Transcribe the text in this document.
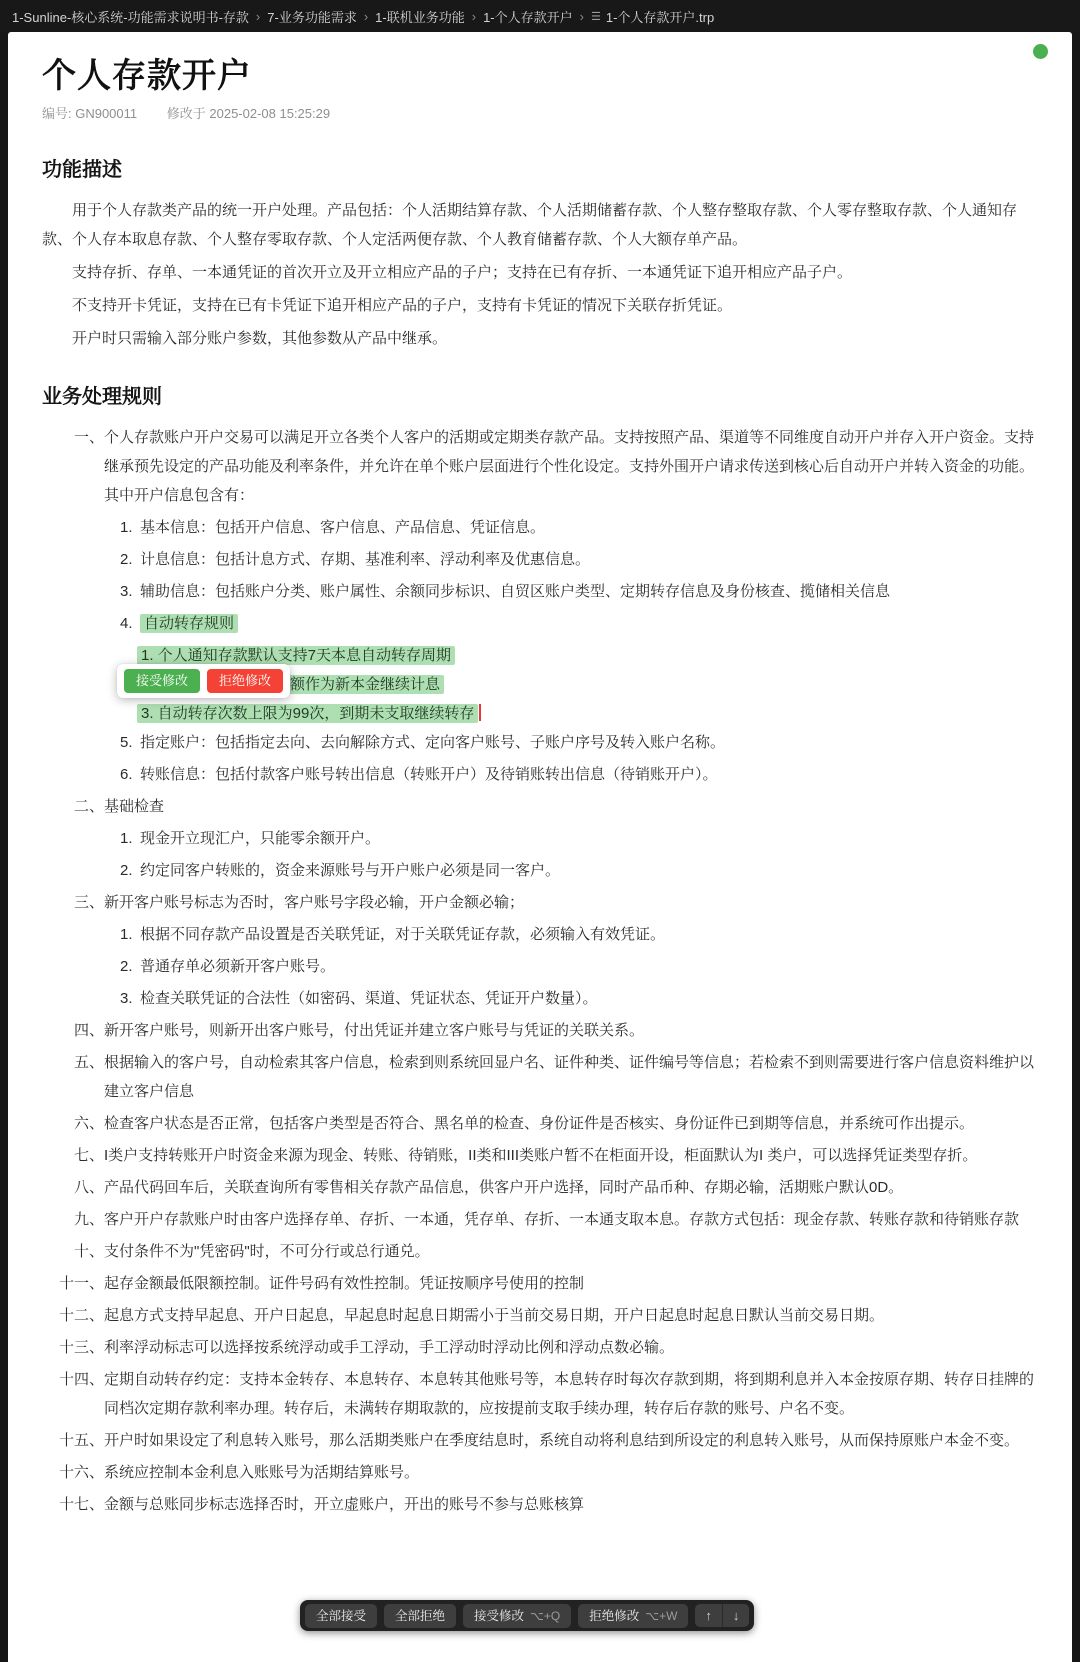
1-Sunline-核心系统-功能需求说明书-存款 › 7-业务功能需求 › 1-联机业务功能 › 1-个人存款开户 › ☰ 1-个人存款开户.trp
个人存款开户
编号: GN900011 修改于 2025-02-08 15:25:29
功能描述

用于个人存款类产品的统一开户处理。产品包括：个人活期结算存款、个人活期储蓄存款、个人整存整取存款、个人零存整取存款、个人通知存款、个人存本取息存款、个人整存零取存款、个人定活两便存款、个人教育储蓄存款、个人大额存单产品。

支持存折、存单、一本通凭证的首次开立及开立相应产品的子户；支持在已有存折、一本通凭证下追开相应产品子户。

不支持开卡凭证，支持在已有卡凭证下追开相应产品的子户，支持有卡凭证的情况下关联存折凭证。

开户时只需输入部分账户参数，其他参数从产品中继承。

业务处理规则
一、 个人存款账户开户交易可以满足开立各类个人客户的活期或定期类存款产品。支持按照产品、渠道等不同维度自动开户并存入开户资金。支持继承预先设定的产品功能及利率条件，并允许在单个账户层面进行个性化设定。支持外围开户请求传送到核心后自动开户并转入资金的功能。其中开户信息包含有：
1. 基本信息：包括开户信息、客户信息、产品信息、凭证信息。
2. 计息信息：包括计息方式、存期、基准利率、浮动利率及优惠信息。
3. 辅助信息：包括账户分类、账户属性、余额同步标识、自贸区账户类型、定期转存信息及身份核查、揽储相关信息
4. 自动转存规则
1. 个人通知存款默认支持7天本息自动转存周期
额作为新本金继续计息
接受修改	拒绝修改
3. 自动转存次数上限为99次，到期未支取继续转存
5. 指定账户：包括指定去向、去向解除方式、定向客户账号、子账户序号及转入账户名称。
6. 转账信息：包括付款客户账号转出信息（转账开户）及待销账转出信息（待销账开户）。
二、 基础检查
1. 现金开立现汇户，只能零余额开户。
2. 约定同客户转账的，资金来源账号与开户账户必须是同一客户。
三、 新开客户账号标志为否时，客户账号字段必输，开户金额必输；
1. 根据不同存款产品设置是否关联凭证，对于关联凭证存款，必须输入有效凭证。
2. 普通存单必须新开客户账号。
3. 检查关联凭证的合法性（如密码、渠道、凭证状态、凭证开户数量）。
四、 新开客户账号，则新开出客户账号，付出凭证并建立客户账号与凭证的关联关系。
五、 根据输入的客户号，自动检索其客户信息，检索到则系统回显户名、证件种类、证件编号等信息；若检索不到则需要进行客户信息资料维护以建立客户信息
六、 检查客户状态是否正常，包括客户类型是否符合、黑名单的检查、身份证件是否核实、身份证件已到期等信息，并系统可作出提示。
七、 I类户支持转账开户时资金来源为现金、转账、待销账，II类和III类账户暂不在柜面开设，柜面默认为I 类户，可以选择凭证类型存折。
八、 产品代码回车后，关联查询所有零售相关存款产品信息，供客户开户选择，同时产品币种、存期必输，活期账户默认0D。
九、 客户开户存款账户时由客户选择存单、存折、一本通，凭存单、存折、一本通支取本息。存款方式包括：现金存款、转账存款和待销账存款
十、 支付条件不为"凭密码"时，不可分行或总行通兑。
十一、 起存金额最低限额控制。证件号码有效性控制。凭证按顺序号使用的控制
十二、 起息方式支持早起息、开户日起息，早起息时起息日期需小于当前交易日期，开户日起息时起息日默认当前交易日期。
十三、 利率浮动标志可以选择按系统浮动或手工浮动，手工浮动时浮动比例和浮动点数必输。
十四、 定期自动转存约定：支持本金转存、本息转存、本息转其他账号等，本息转存时每次存款到期，将到期利息并入本金按原存期、转存日挂牌的同档次定期存款利率办理。转存后，未满转存期取款的，应按提前支取手续办理，转存后存款的账号、户名不变。
十五、 开户时如果设定了利息转入账号，那么活期类账户在季度结息时，系统自动将利息结到所设定的利息转入账号，从而保持原账户本金不变。
十六、 系统应控制本金利息入账账号为活期结算账号。
十七、 金额与总账同步标志选择否时，开立虚账户，开出的账号不参与总账核算
全部接受	全部拒绝	接受修改 ⌥+Q	拒绝修改 ⌥+W	↑	↓
